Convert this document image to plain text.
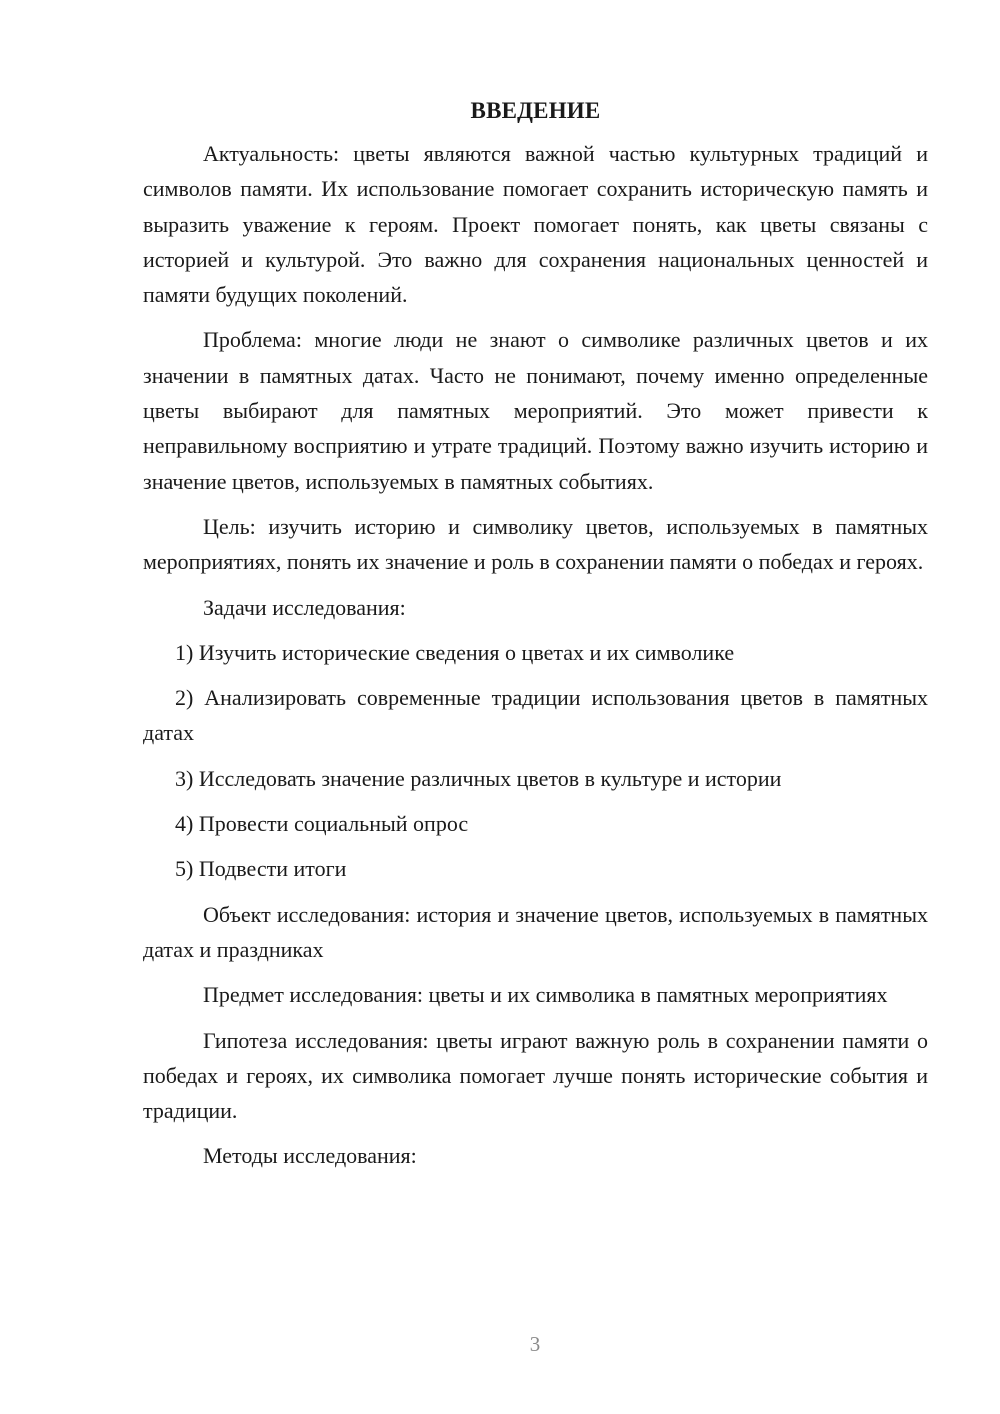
ВВЕДЕНИЕ

Актуальность: цветы являются важной частью культурных традиций и символов памяти. Их использование помогает сохранить историческую память и выразить уважение к героям. Проект помогает понять, как цветы связаны с историей и культурой. Это важно для сохранения национальных ценностей и памяти будущих поколений.

Проблема: многие люди не знают о символике различных цветов и их значении в памятных датах. Часто не понимают, почему именно определенные цветы выбирают для памятных мероприятий. Это может привести к неправильному восприятию и утрате традиций. Поэтому важно изучить историю и значение цветов, используемых в памятных событиях.

Цель: изучить историю и символику цветов, используемых в памятных мероприятиях, понять их значение и роль в сохранении памяти о победах и героях.

Задачи исследования:

1) Изучить исторические сведения о цветах и их символике

2) Анализировать современные традиции использования цветов в памятных датах

3) Исследовать значение различных цветов в культуре и истории

4) Провести социальный опрос

5) Подвести итоги

Объект исследования: история и значение цветов, используемых в памятных датах и праздниках

Предмет исследования: цветы и их символика в памятных мероприятиях

Гипотеза исследования: цветы играют важную роль в сохранении памяти о победах и героях, их символика помогает лучше понять исторические события и традиции.

Методы исследования:

3
